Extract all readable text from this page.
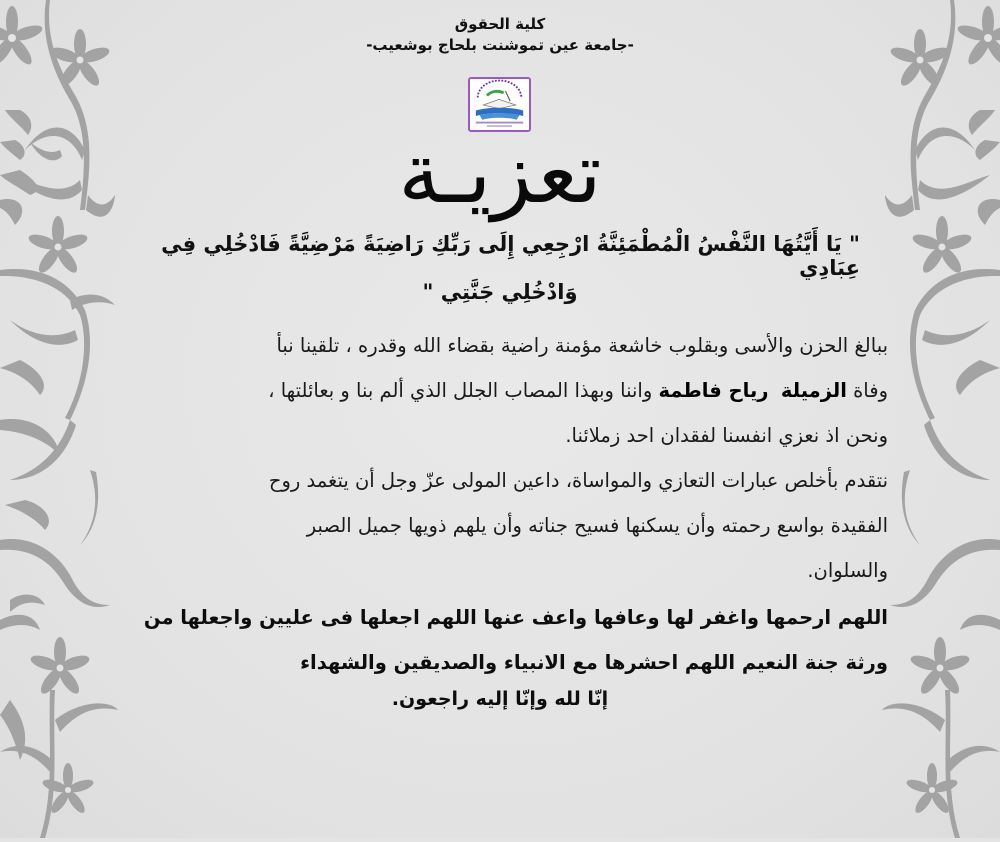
كلية الحقوق
-جامعة عين تموشنت بلحاج بوشعيب-
تعزيـة
" يَا أَيَّتُهَا النَّفْسُ الْمُطْمَئِنَّةُ ارْجِعِي إِلَى رَبِّكِ رَاضِيَةً مَرْضِيَّةً فَادْخُلِي فِي عِبَادِي
وَادْخُلِي جَنَّتِي "
ببالغ الحزن والأسى وبقلوب خاشعة مؤمنة راضية بقضاء الله وقدره ، تلقينا نبأ
وفاة الزميلة  رياح فاطمة واننا وبهذا المصاب الجلل الذي ألم بنا و بعائلتها ،
ونحن اذ نعزي انفسنا لفقدان احد زملائنا.
نتقدم بأخلص عبارات التعازي والمواساة، داعين المولى عزّ وجل أن يتغمد روح
الفقيدة بواسع رحمته وأن يسكنها فسيح جناته وأن يلهم ذويها جميل الصبر
والسلوان.
اللهم ارحمها واغفر لها وعافها واعف عنها اللهم اجعلها فى عليين واجعلها من
ورثة جنة النعيم اللهم احشرها مع الانبياء والصديقين والشهداء
إنّا لله وإنّا إليه راجعون.
